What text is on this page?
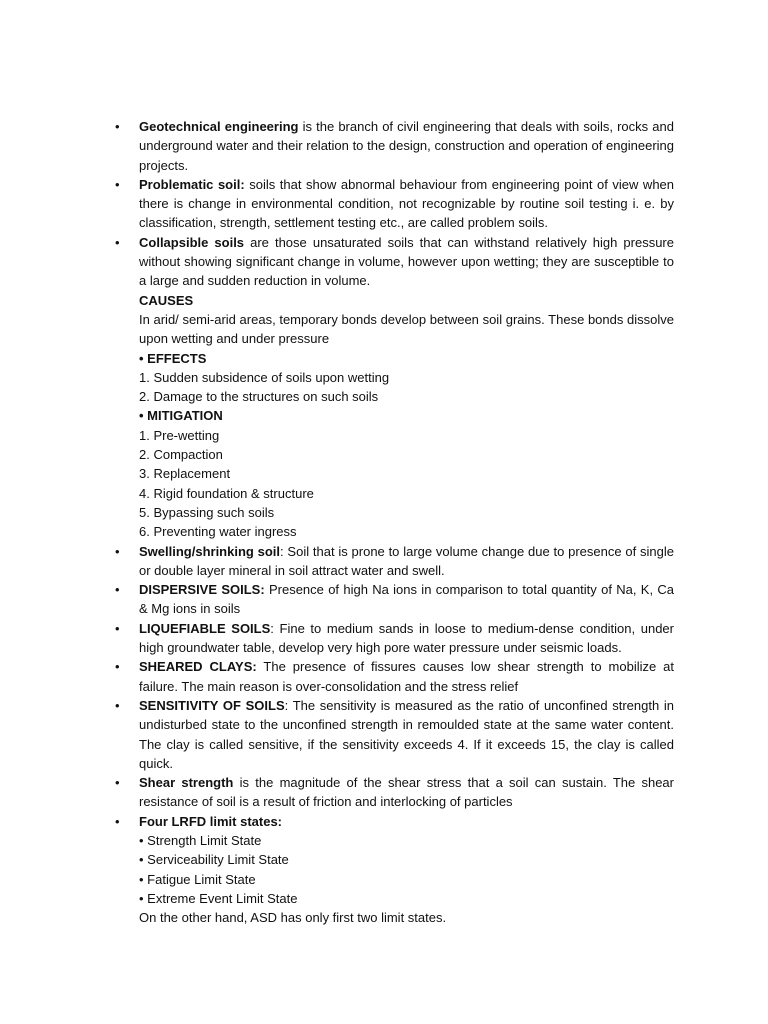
• Geotechnical engineering is the branch of civil engineering that deals with soils, rocks and underground water and their relation to the design, construction and operation of engineering projects.
• Problematic soil: soils that show abnormal behaviour from engineering point of view when there is change in environmental condition, not recognizable by routine soil testing i. e. by classification, strength, settlement testing etc., are called problem soils.
• Collapsible soils are those unsaturated soils that can withstand relatively high pressure without showing significant change in volume, however upon wetting; they are susceptible to a large and sudden reduction in volume.
CAUSES
In arid/ semi-arid areas, temporary bonds develop between soil grains. These bonds dissolve upon wetting and under pressure
• EFFECTS
1. Sudden subsidence of soils upon wetting
2. Damage to the structures on such soils
• MITIGATION
1. Pre-wetting
2. Compaction
3. Replacement
4. Rigid foundation & structure
5. Bypassing such soils
6. Preventing water ingress
• Swelling/shrinking soil: Soil that is prone to large volume change due to presence of single or double layer mineral in soil attract water and swell.
• DISPERSIVE SOILS: Presence of high Na ions in comparison to total quantity of Na, K, Ca & Mg ions in soils
• LIQUEFIABLE SOILS: Fine to medium sands in loose to medium-dense condition, under high groundwater table, develop very high pore water pressure under seismic loads.
• SHEARED CLAYS: The presence of fissures causes low shear strength to mobilize at failure. The main reason is over-consolidation and the stress relief
• SENSITIVITY OF SOILS: The sensitivity is measured as the ratio of unconfined strength in undisturbed state to the unconfined strength in remoulded state at the same water content. The clay is called sensitive, if the sensitivity exceeds 4. If it exceeds 15, the clay is called quick.
• Shear strength is the magnitude of the shear stress that a soil can sustain. The shear resistance of soil is a result of friction and interlocking of particles
• Four LRFD limit states:
• Strength Limit State
• Serviceability Limit State
• Fatigue Limit State
• Extreme Event Limit State
On the other hand, ASD has only first two limit states.
